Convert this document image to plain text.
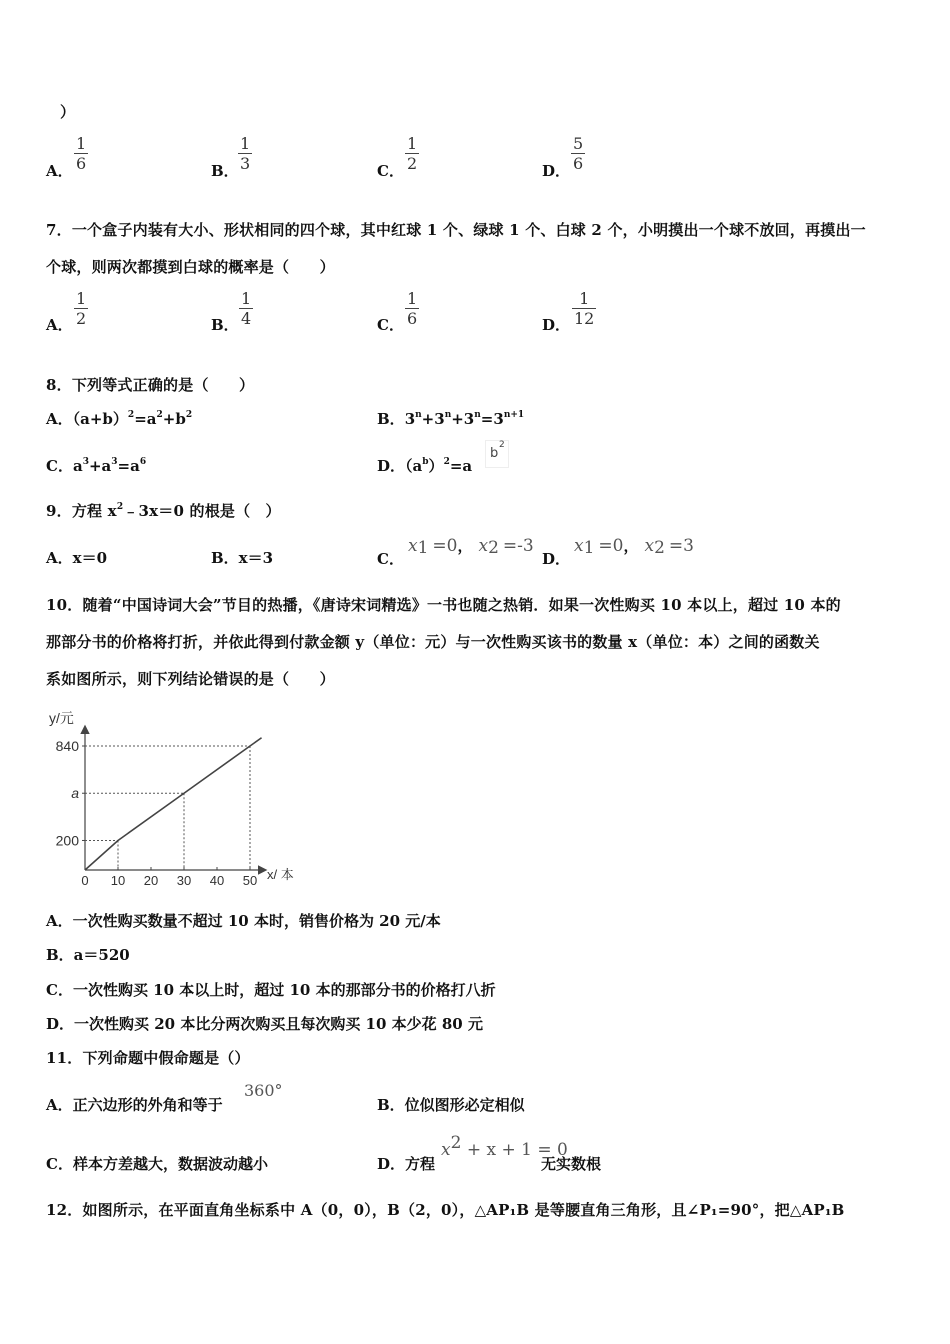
）
A．
1
6	B．
1
3	C．
1
2	D．
5
6
7．一个盒子内装有大小、形状相同的四个球，其中红球 1 个、绿球 1 个、白球 2 个，小明摸出一个球不放回，再摸出一
个球，则两次都摸到白球的概率是（　　）
A．
1
2	B．
1
4	C．
1
6	D．
1
12
8．下列等式正确的是（　　）
A．$(a+b)^2=a^2+b^2$	B．$3^n+3^n+3^n=3^{n+1}$
C．$a^3+a^3=a^6$	D．$(a^b)^2=a$
b
2
9．方程 $x^2﹣3x=0$ 的根是（　）
A．x＝0	B．x＝3	C．
$x_1 =0$， $x_2 =-3$
D．
$x_1 =0$， $x_2 =3$
10．随着“中国诗词大会”节目的热播，《唐诗宋词精选》一书也随之热销．如果一次性购买 10 本以上，超过 10 本的
那部分书的价格将打折，并依此得到付款金额 y（单位：元）与一次性购买该书的数量 x（单位：本）之间的函数关
系如图所示，则下列结论错误的是（　　）
200
a
840
0 10 20 30 40 50
y/元
x/ 本
A．一次性购买数量不超过 10 本时，销售价格为 20 元/本
B．a＝520
C．一次性购买 10 本以上时，超过 10 本的那部分书的价格打八折
D．一次性购买 20 本比分两次购买且每次购买 10 本少花 80 元
11．下列命题中假命题是（）
A．正六边形的外角和等于
360°
B．位似图形必定相似
C．样本方差越大，数据波动越小	D．方程
$x^2 + x + 1 = 0$
无实数根
12．如图所示，在平面直角坐标系中 A（0，0），B（2，0），△AP₁B 是等腰直角三角形，且∠P₁=90°，把△AP₁B
